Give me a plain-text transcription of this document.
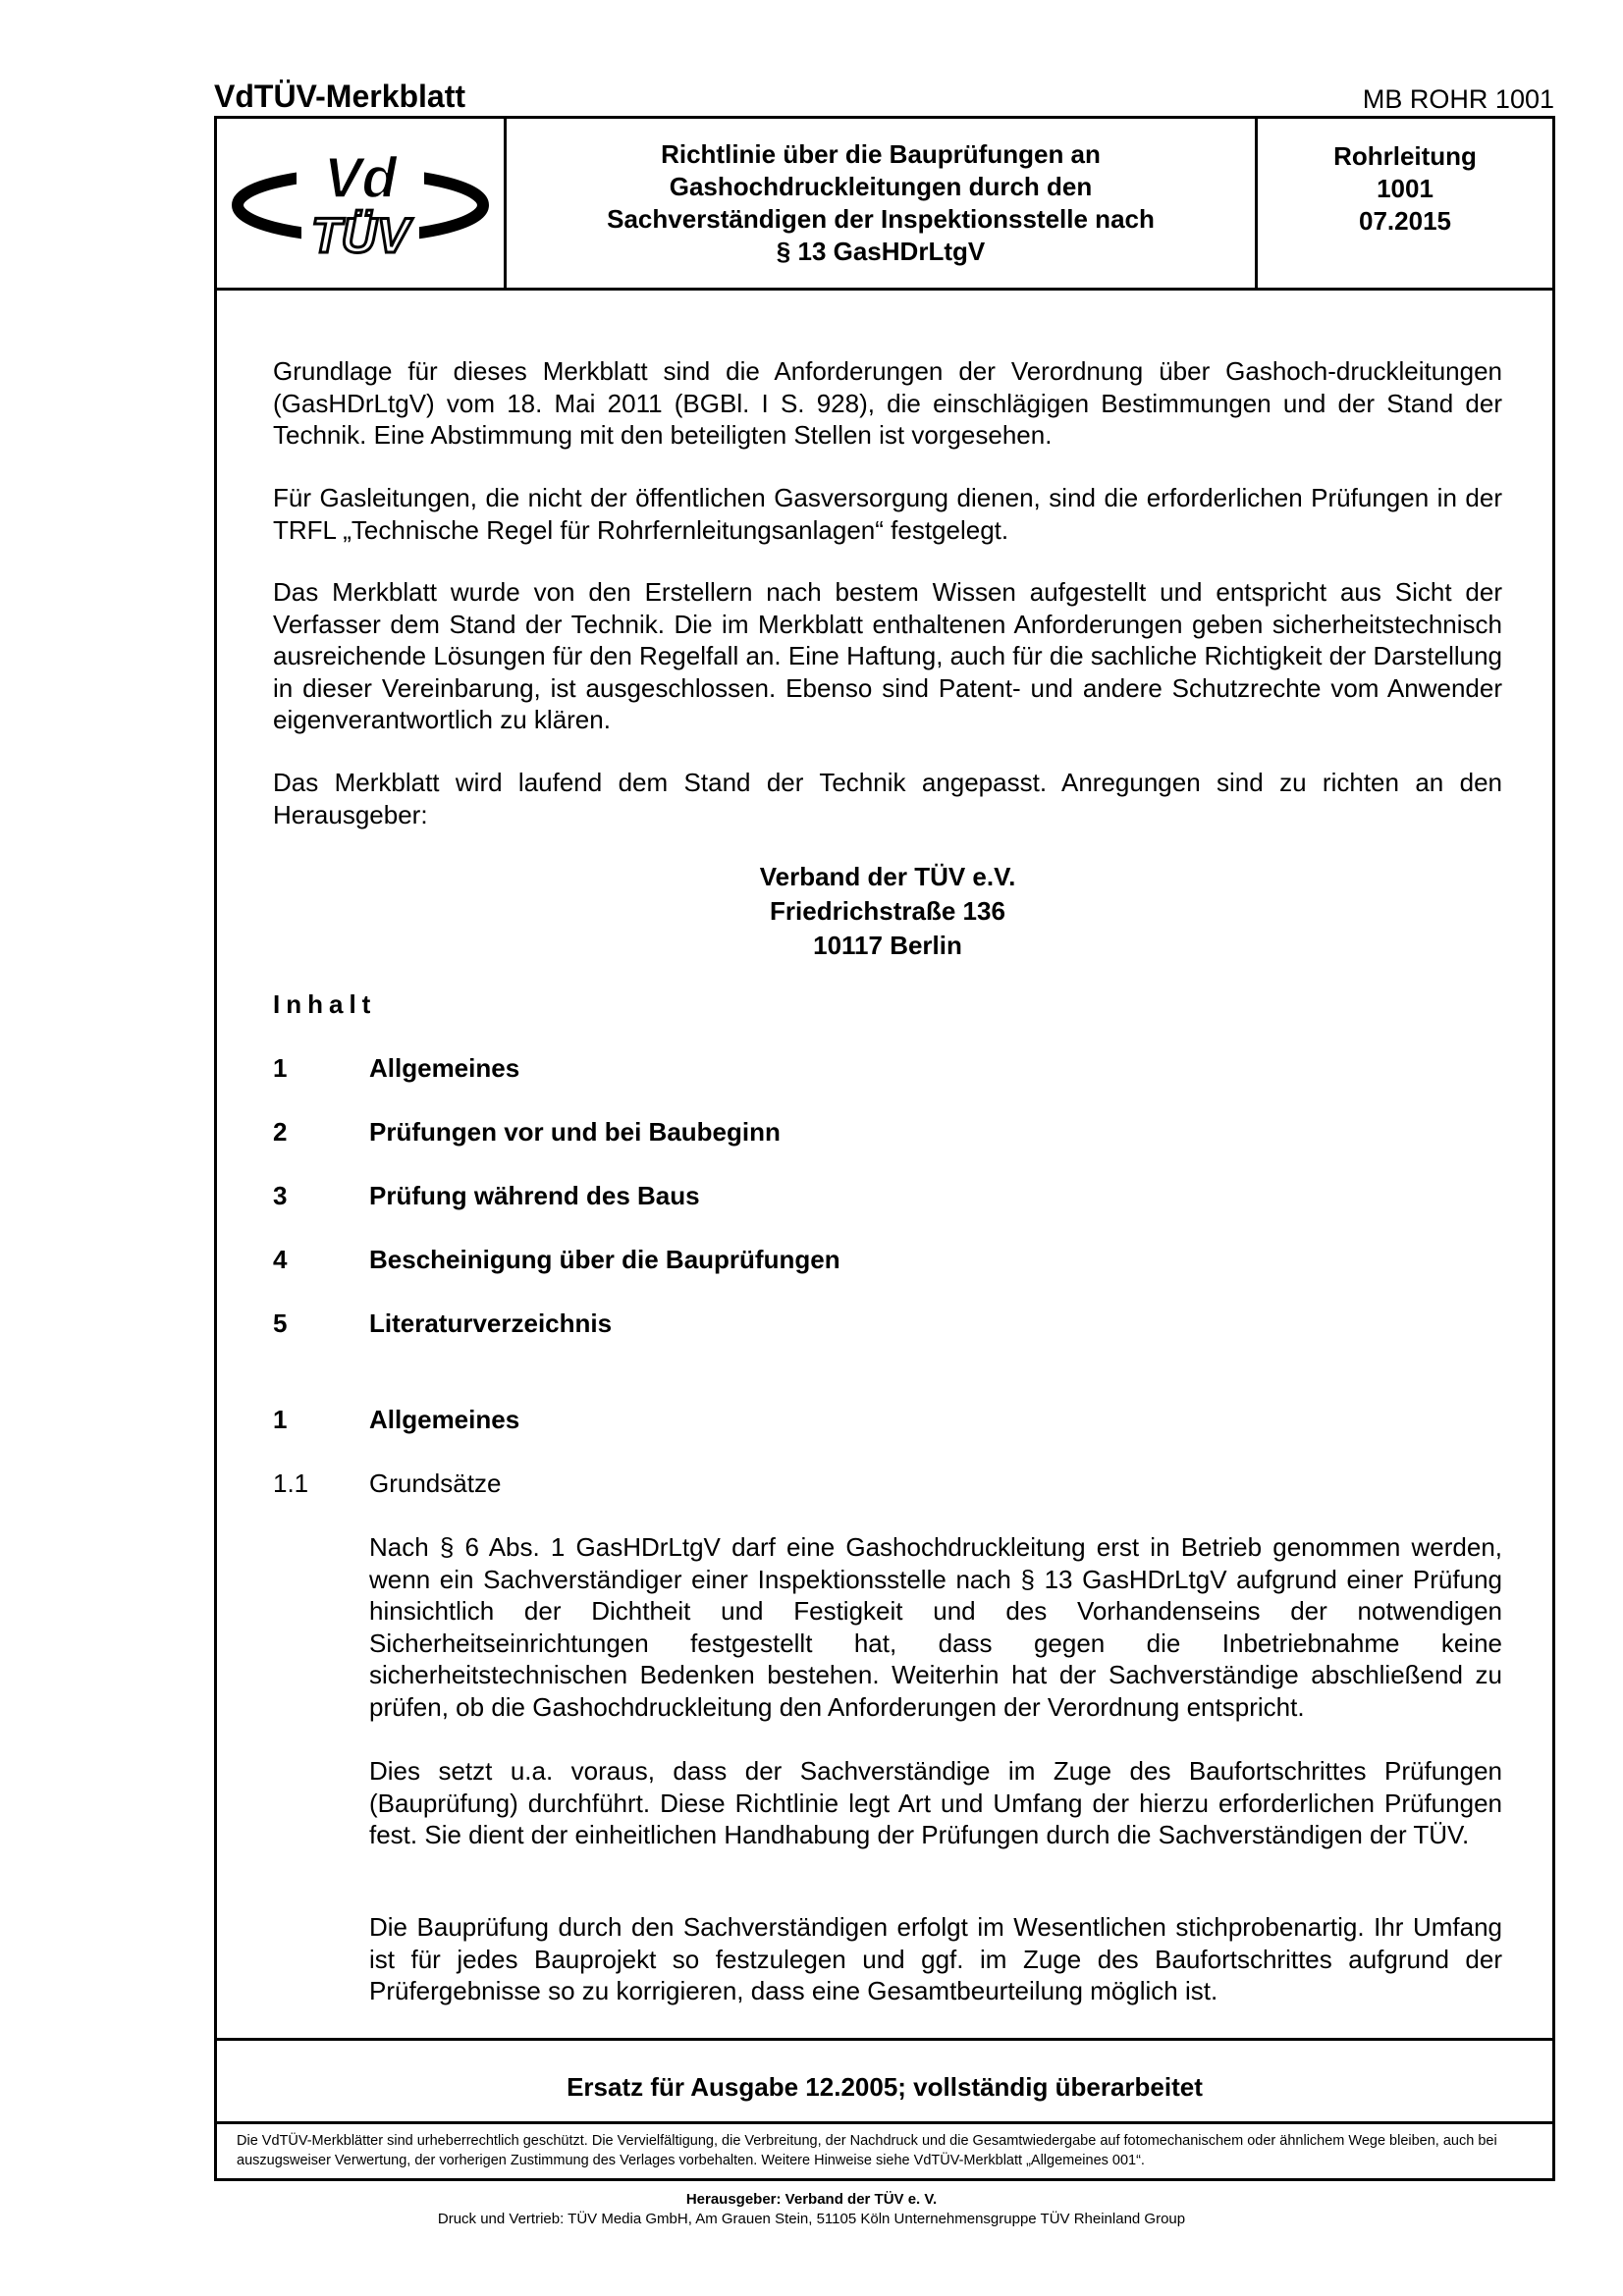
VdTÜV-Merkblatt	MB ROHR 1001
Vd
TÜV
Richtlinie über die Bauprüfungen an
Gashochdruckleitungen durch den
Sachverständigen der Inspektionsstelle nach
§ 13 GasHDrLtgV
Rohrleitung
1001
07.2015
Ersatz für Ausgabe 12.2005; vollständig überarbeitet
Die VdTÜV-Merkblätter sind urheberrechtlich geschützt. Die Vervielfältigung, die Verbreitung, der Nachdruck und die Gesamtwiedergabe auf fotomechanischem oder ähnlichem Wege bleiben, auch bei auszugsweiser Verwertung, der vorherigen Zustimmung des Verlages vorbehalten. Weitere Hinweise siehe VdTÜV-Merkblatt „Allgemeines 001“.
Grundlage für dieses Merkblatt sind die Anforderungen der Verordnung über Gashoch-druckleitungen (GasHDrLtgV) vom 18. Mai 2011 (BGBl. I S. 928), die einschlägigen Bestimmungen und der Stand der Technik. Eine Abstimmung mit den beteiligten Stellen ist vorgesehen.
Für Gasleitungen, die nicht der öffentlichen Gasversorgung dienen, sind die erforderlichen Prüfungen in der TRFL „Technische Regel für Rohrfernleitungsanlagen“ festgelegt.
Das Merkblatt wurde von den Erstellern nach bestem Wissen aufgestellt und entspricht aus Sicht der Verfasser dem Stand der Technik. Die im Merkblatt enthaltenen Anforderungen geben sicherheitstechnisch ausreichende Lösungen für den Regelfall an. Eine Haftung, auch für die sachliche Richtigkeit der Darstellung in dieser Vereinbarung, ist ausgeschlossen. Ebenso sind Patent- und andere Schutzrechte vom Anwender eigenverantwortlich zu klären.
Das Merkblatt wird laufend dem Stand der Technik angepasst. Anregungen sind zu richten an den Herausgeber:
Verband der TÜV e.V.
Friedrichstraße 136
10117 Berlin
Inhalt
1	Allgemeines
2	Prüfungen vor und bei Baubeginn
3	Prüfung während des Baus
4	Bescheinigung über die Bauprüfungen
5	Literaturverzeichnis
1	Allgemeines
1.1 Grundsätze
Nach § 6 Abs. 1 GasHDrLtgV darf eine Gashochdruckleitung erst in Betrieb genommen werden, wenn ein Sachverständiger einer Inspektionsstelle nach § 13 GasHDrLtgV aufgrund einer Prüfung hinsichtlich der Dichtheit und Festigkeit und des Vorhandenseins der notwendigen Sicherheitseinrichtungen festgestellt hat, dass gegen die Inbetriebnahme keine sicherheitstechnischen Bedenken bestehen. Weiterhin hat der Sachverständige abschließend zu prüfen, ob die Gashochdruckleitung den Anforderungen der Verordnung entspricht.
Dies setzt u.a. voraus, dass der Sachverständige im Zuge des Baufortschrittes Prüfungen (Bauprüfung) durchführt. Diese Richtlinie legt Art und Umfang der hierzu erforderlichen Prüfungen fest. Sie dient der einheitlichen Handhabung der Prüfungen durch die Sachverständigen der TÜV.
Herausgeber: Verband der TÜV e. V.
Druck und Vertrieb: TÜV Media GmbH, Am Grauen Stein, 51105 Köln Unternehmensgruppe TÜV Rheinland Group
Die Bauprüfung durch den Sachverständigen erfolgt im Wesentlichen stichprobenartig. Ihr Umfang ist für jedes Bauprojekt so festzulegen und ggf. im Zuge des Baufortschrittes aufgrund der Prüfergebnisse so zu korrigieren, dass eine Gesamtbeurteilung möglich ist.
